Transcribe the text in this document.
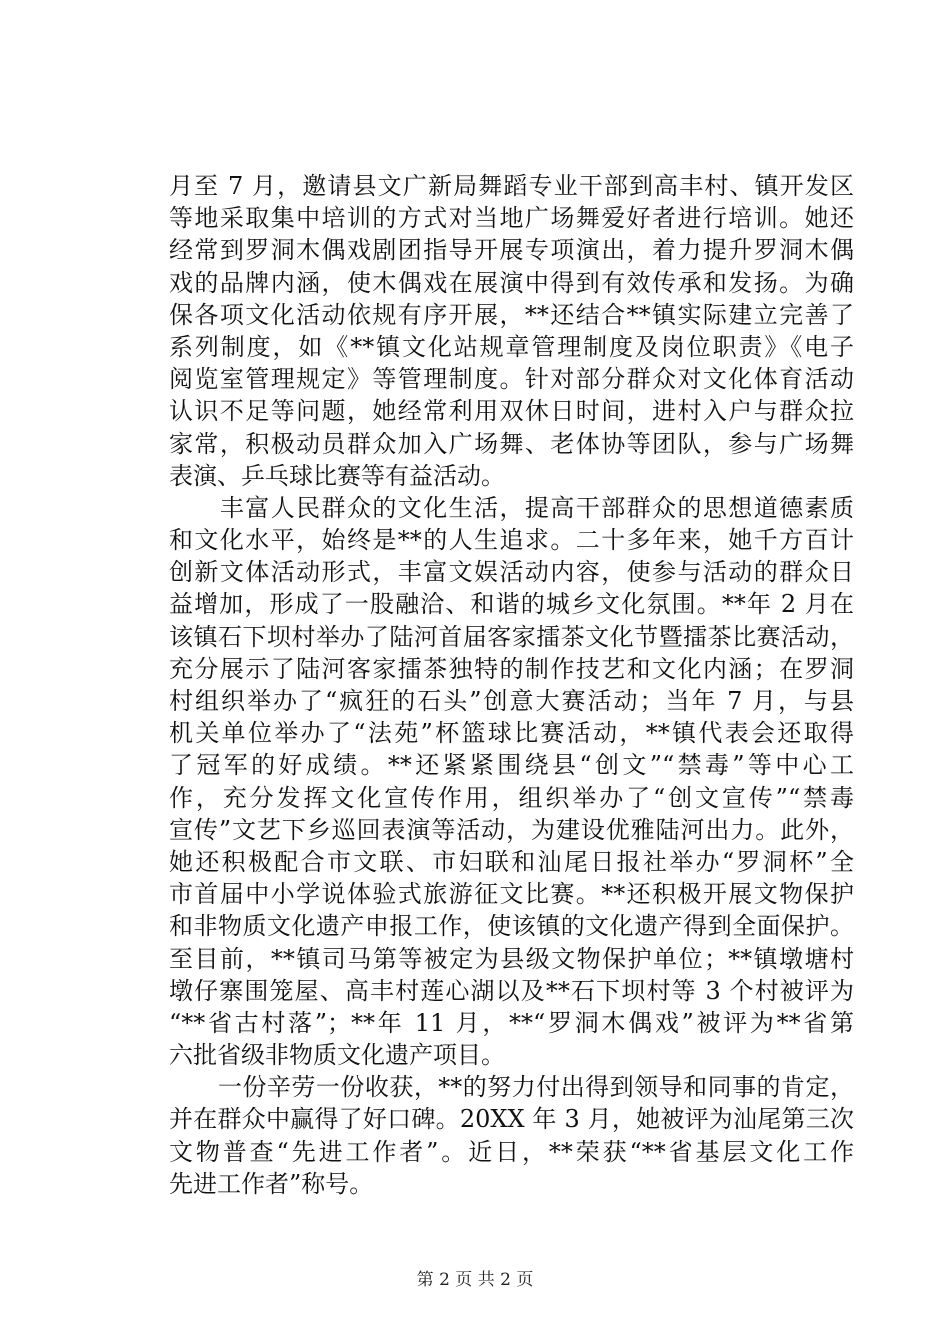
月至 7 月，邀请县文广新局舞蹈专业干部到高丰村、镇开发区
等地采取集中培训的方式对当地广场舞爱好者进行培训。她还
经常到罗洞木偶戏剧团指导开展专项演出，着力提升罗洞木偶
戏的品牌内涵，使木偶戏在展演中得到有效传承和发扬。为确
保各项文化活动依规有序开展，**还结合**镇实际建立完善了
系列制度，如《**镇文化站规章管理制度及岗位职责》《电子
阅览室管理规定》等管理制度。针对部分群众对文化体育活动
认识不足等问题，她经常利用双休日时间，进村入户与群众拉
家常，积极动员群众加入广场舞、老体协等团队，参与广场舞
表演、乒乓球比赛等有益活动。
　　丰富人民群众的文化生活，提高干部群众的思想道德素质
和文化水平，始终是**的人生追求。二十多年来，她千方百计
创新文体活动形式，丰富文娱活动内容，使参与活动的群众日
益增加，形成了一股融洽、和谐的城乡文化氛围。**年 2 月在
该镇石下坝村举办了陆河首届客家擂茶文化节暨擂茶比赛活动，
充分展示了陆河客家擂茶独特的制作技艺和文化内涵；在罗洞
村组织举办了“疯狂的石头”创意大赛活动；当年 7 月，与县
机关单位举办了“法苑”杯篮球比赛活动，**镇代表会还取得
了冠军的好成绩。**还紧紧围绕县“创文”“禁毒”等中心工
作，充分发挥文化宣传作用，组织举办了“创文宣传”“禁毒
宣传”文艺下乡巡回表演等活动，为建设优雅陆河出力。此外，
她还积极配合市文联、市妇联和汕尾日报社举办“罗洞杯”全
市首届中小学说体验式旅游征文比赛。**还积极开展文物保护
和非物质文化遗产申报工作，使该镇的文化遗产得到全面保护。
至目前，**镇司马第等被定为县级文物保护单位；**镇墩塘村
墩仔寨围笼屋、高丰村莲心湖以及**石下坝村等 3 个村被评为
“**省古村落”；**年 11 月，**“罗洞木偶戏”被评为**省第
六批省级非物质文化遗产项目。
　　一份辛劳一份收获，**的努力付出得到领导和同事的肯定，
并在群众中赢得了好口碑。20XX 年 3 月，她被评为汕尾第三次
文物普查“先进工作者”。近日，**荣获“**省基层文化工作
先进工作者”称号。
第 2 页 共 2 页
